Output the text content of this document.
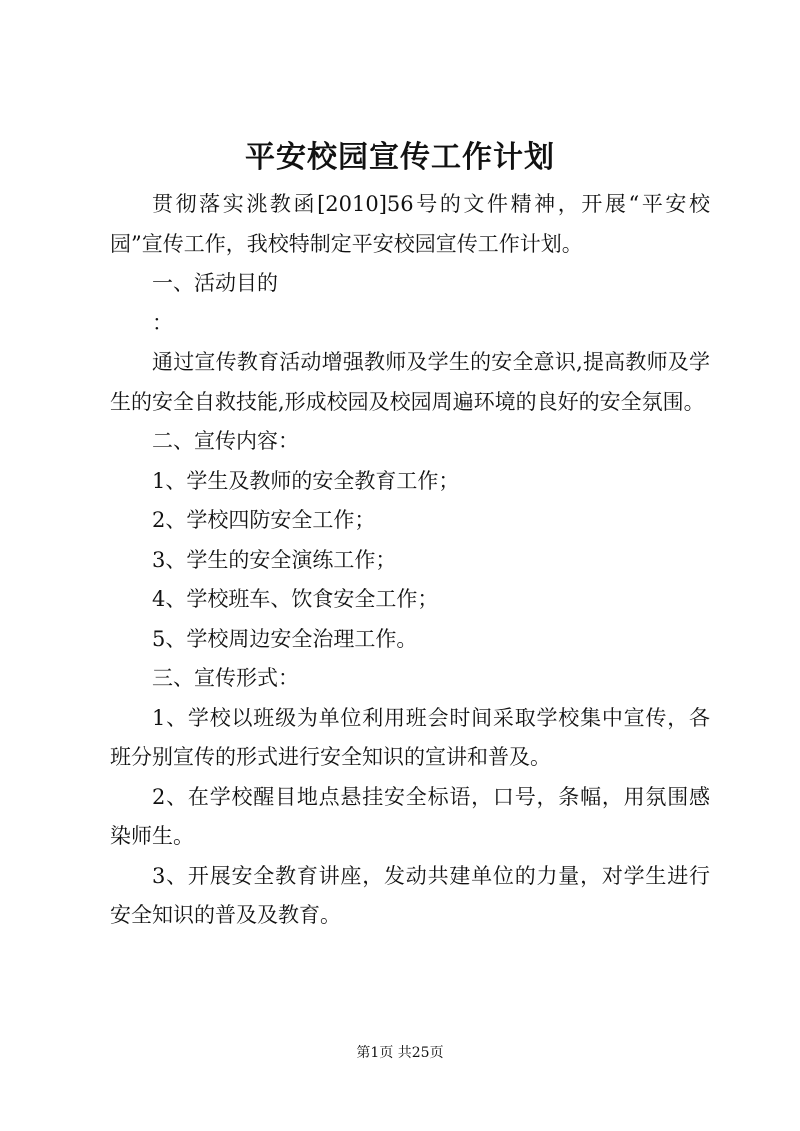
平安校园宣传工作计划

贯彻落实洮教函[2010]56号的文件精神，开展“平安校园”宣传工作，我校特制定平安校园宣传工作计划。

一、活动目的

：

通过宣传教育活动增强教师及学生的安全意识,提高教师及学生的安全自救技能,形成校园及校园周遍环境的良好的安全氛围。

二、宣传内容：

1、学生及教师的安全教育工作；

2、学校四防安全工作；

3、学生的安全演练工作；

4、学校班车、饮食安全工作；

5、学校周边安全治理工作。

三、宣传形式：

1、学校以班级为单位利用班会时间采取学校集中宣传，各班分别宣传的形式进行安全知识的宣讲和普及。

2、在学校醒目地点悬挂安全标语，口号，条幅，用氛围感染师生。

3、开展安全教育讲座，发动共建单位的力量，对学生进行安全知识的普及及教育。

第1页 共25页
